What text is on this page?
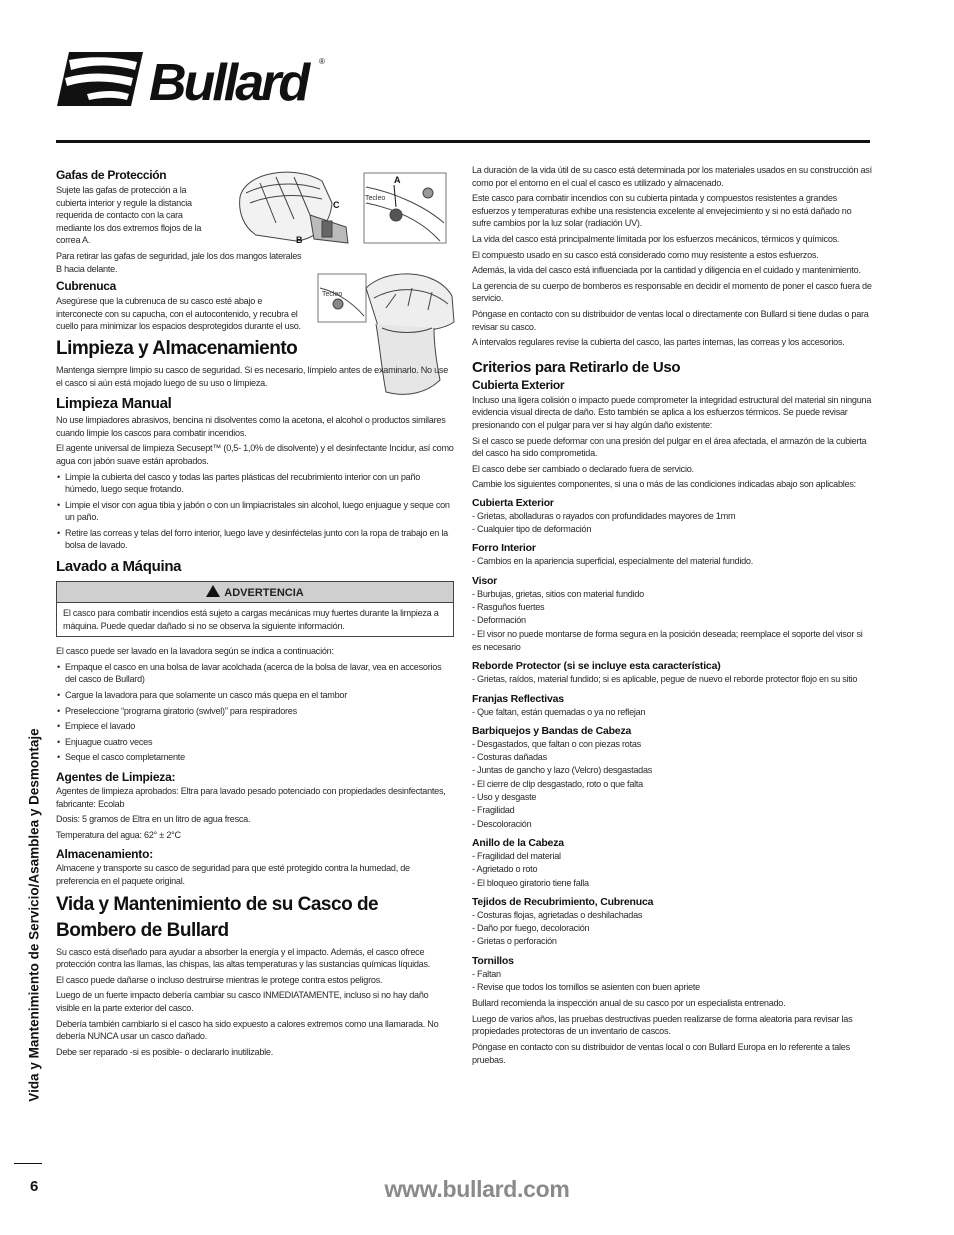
Bullard	®
A
B
C
Tecleo
Tecleo
Gafas de Protección

Sujete las gafas de protección a la cubierta interior y regule la distancia requerida de contacto con la cara mediante los dos extremos flojos de la correa A.

Para retirar las gafas de seguridad, jale los dos mangos laterales B hacia delante.

Cubrenuca

Asegúrese que la cubrenuca de su casco esté abajo e interconecte con su capucha, con el autocontenido, y recubra el cuello para minimizar los espacios desprotegidos durante el uso.

Limpieza y Almacenamiento

Mantenga siempre limpio su casco de seguridad. Si es necesario, límpielo antes de examinarlo. No use el casco si aún está mojado luego de su uso o limpieza.

Limpieza Manual

No use limpiadores abrasivos, bencina ni disolventes como la acetona, el alcohol o productos similares cuando limpie los cascos para combatir incendios.

El agente universal de limpieza Secusept™ (0,5- 1,0% de disolvente) y el desinfectante Incidur, así como agua con jabón suave están aprobados.

• Limpie la cubierta del casco y todas las partes plásticas del recubrimiento interior con un paño húmedo, luego seque frotando.
• Limpie el visor con agua tibia y jabón o con un limpiacristales sin alcohol, luego enjuague y seque con un paño.
• Retire las correas y telas del forro interior, luego lave y desinféctelas junto con la ropa de trabajo en la bolsa de lavado.
Lavado a Máquina
ADVERTENCIA

El casco para combatir incendios está sujeto a cargas mecánicas muy fuertes durante la limpieza a máquina. Puede quedar dañado si no se observa la siguiente información.

El casco puede ser lavado en la lavadora según se indica a continuación:

• Empaque el casco en una bolsa de lavar acolchada (acerca de la bolsa de lavar, vea en accesorios del casco de Bullard)
• Cargue la lavadora para que solamente un casco más quepa en el tambor
• Preseleccione “programa giratorio (swivel)” para respiradores
• Empiece el lavado
• Enjuague cuatro veces
• Seque el casco completamente
Agentes de Limpieza:

Agentes de limpieza aprobados: Eltra para lavado pesado potenciado con propiedades desinfectantes, fabricante: Ecolab

Dosis: 5 gramos de Eltra en un litro de agua fresca.

Temperatura del agua: 62° ± 2°C

Almacenamiento:

Almacene y transporte su casco de seguridad para que esté protegido contra la humedad, de preferencia en el paquete original.

Vida y Mantenimiento de su Casco de Bombero de Bullard

Su casco está diseñado para ayudar a absorber la energía y el impacto. Además, el casco ofrece protección contra las llamas, las chispas, las altas temperaturas y las sustancias químicas líquidas.

El casco puede dañarse o incluso destruirse mientras le protege contra estos peligros.

Luego de un fuerte impacto debería cambiar su casco INMEDIATAMENTE, incluso si no hay daño visible en la parte exterior del casco.

Debería también cambiarlo si el casco ha sido expuesto a calores extremos como una llamarada. No debería NUNCA usar un casco dañado.

Debe ser reparado -si es posible- o declararlo inutilizable.

La duración de la vida útil de su casco está determinada por los materiales usados en su construcción así como por el entorno en el cual el casco es utilizado y almacenado.

Este casco para combatir incendios con su cubierta pintada y compuestos resistentes a grandes esfuerzos y temperaturas exhibe una resistencia excelente al envejecimiento y si no está dañado no sufre cambios por la luz solar (radiación UV).

La vida del casco está principalmente limitada por los esfuerzos mecánicos, térmicos y químicos.

El compuesto usado en su casco está considerado como muy resistente a estos esfuerzos.

Además, la vida del casco está influenciada por la cantidad y diligencia en el cuidado y mantenimiento.

La gerencia de su cuerpo de bomberos es responsable en decidir el momento de poner el casco fuera de servicio.

Póngase en contacto con su distribuidor de ventas local o directamente con Bullard si tiene dudas o para revisar su casco.

A intervalos regulares revise la cubierta del casco, las partes internas, las correas y los accesorios.

Criterios para Retirarlo de Uso
Cubierta Exterior

Incluso una ligera colisión o impacto puede comprometer la integridad estructural del material sin ninguna evidencia visual directa de daño. Esto también se aplica a los esfuerzos térmicos. Se puede revisar presionando con el pulgar para ver si hay algún daño existente:

Si el casco se puede deformar con una presión del pulgar en el área afectada, el armazón de la cubierta del casco ha sido comprometida.

El casco debe ser cambiado o declarado fuera de servicio.

Cambie los siguientes componentes, si una o más de las condiciones indicadas abajo son aplicables:

Cubierta Exterior
- Grietas, abolladuras o rayados con profundidades mayores de 1mm
- Cualquier tipo de deformación
Forro Interior
- Cambios en la apariencia superficial, especialmente del material fundido.
Visor
- Burbujas, grietas, sitios con material fundido
- Rasguños fuertes
- Deformación
- El visor no puede montarse de forma segura en la posición deseada; reemplace el soporte del visor si es necesario
Reborde Protector (si se incluye esta característica)
- Grietas, raídos, material fundido; si es aplicable, pegue de nuevo el reborde protector flojo en su sitio
Franjas Reflectivas
- Que faltan, están quemadas o ya no reflejan
Barbiquejos y Bandas de Cabeza
- Desgastados, que faltan o con piezas rotas
- Costuras dañadas
- Juntas de gancho y lazo (Velcro) desgastadas
- El cierre de clip desgastado, roto o que falta
- Uso y desgaste
- Fragilidad
- Descoloración
Anillo de la Cabeza
- Fragilidad del material
- Agrietado o roto
- El bloqueo giratorio tiene falla
Tejidos de Recubrimiento, Cubrenuca
- Costuras flojas, agrietadas o deshilachadas
- Daño por fuego, decoloración
- Grietas o perforación
Tornillos
- Faltan
- Revise que todos los tornillos se asienten con buen apriete

Bullard recomienda la inspección anual de su casco por un especialista entrenado.

Luego de varios años, las pruebas destructivas pueden realizarse de forma aleatoria para revisar las propiedades protectoras de un inventario de cascos.

Póngase en contacto con su distribuidor de ventas local o con Bullard Europa en lo referente a tales pruebas.

Vida y Mantenimiento de Servicio/Asamblea y Desmontaje
6	www.bullard.com
